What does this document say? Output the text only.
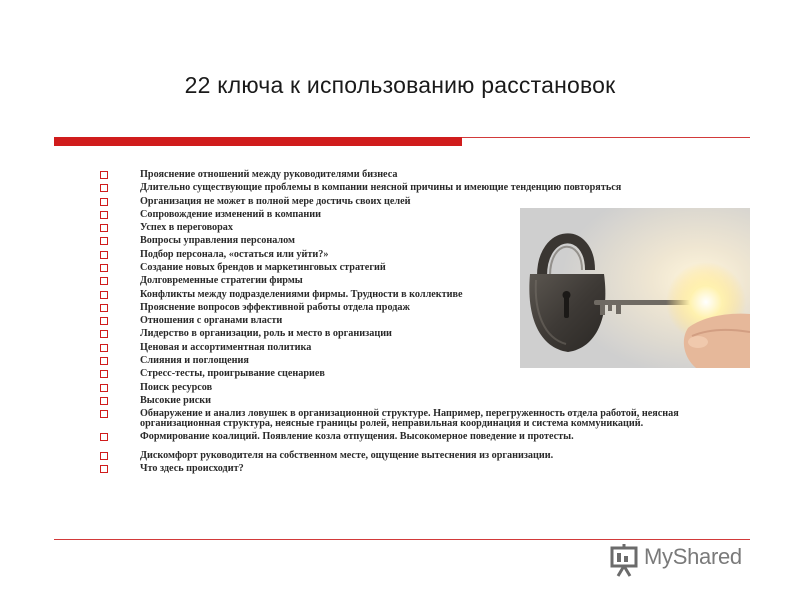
22 ключа к использованию расстановок
Прояснение отношений между руководителями бизнеса
Длительно существующие проблемы в компании неясной причины и имеющие тенденцию повторяться
Организация не может в полной мере достичь своих целей
Сопровождение изменений в компании
Успех в переговорах
Вопросы управления персоналом
Подбор персонала, «остаться или уйти?»
Создание новых брендов и маркетинговых стратегий
Долговременные стратегии фирмы
Конфликты между подразделениями фирмы. Трудности в коллективе
Прояснение вопросов эффективной работы отдела продаж
Отношения с органами власти
Лидерство в организации, роль и место в организации
Ценовая и ассортиментная политика
Слияния и поглощения
Стресс-тесты, проигрывание сценариев
Поиск ресурсов
Высокие риски
Обнаружение и анализ ловушек в организационной структуре. Например, перегруженность отдела работой, неясная организационная структура, неясные границы ролей, неправильная координация и система коммуникаций.
Формирование коалиций. Появление козла отпущения. Высокомерное поведение и протесты.
Дискомфорт руководителя на собственном месте, ощущение вытеснения из организации.
Что здесь происходит?
MyShared
